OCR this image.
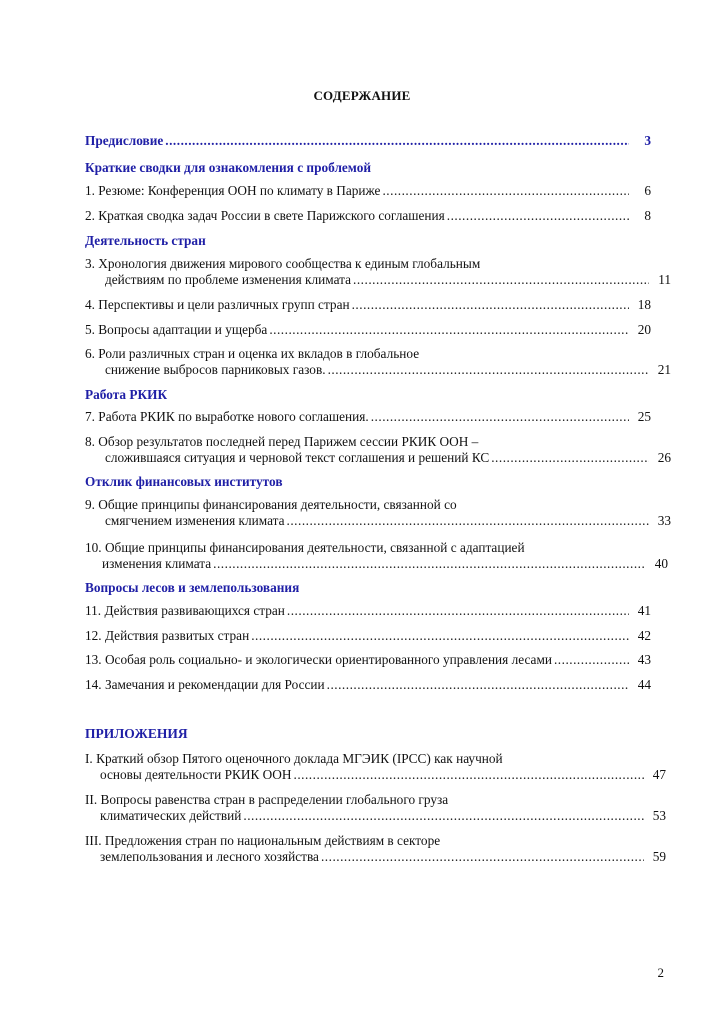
СОДЕРЖАНИЕ
Предисловие .....	3
Краткие сводки для ознакомления с проблемой
1. Резюме: Конференция ООН по климату в Париже .....	6
2. Краткая сводка задач России в свете Парижского соглашения .....	8
Деятельность стран
3. Хронология движения мирового сообщества к единым глобальным
действиям по проблеме изменения климата .....	11
4. Перспективы и цели различных групп стран .....	18
5. Вопросы адаптации и ущерба .....	20
6. Роли различных стран и оценка их вкладов в глобальное
снижение выбросов парниковых газов. .....	21
Работа РКИК
7. Работа РКИК по выработке нового соглашения. .....	25
8. Обзор результатов последней перед Парижем сессии РКИК ООН –
сложившаяся ситуация и черновой текст соглашения и решений КС .....	26
Отклик финансовых институтов
9. Общие принципы финансирования деятельности, связанной со
смягчением изменения климата .....	33
10. Общие принципы финансирования деятельности, связанной с адаптацией
изменения климата .....	40
Вопросы лесов и землепользования
11. Действия развивающихся стран .....	41
12. Действия развитых стран .....	42
13. Особая роль социально- и экологически ориентированного управления лесами .....	43
14. Замечания и рекомендации для России .....	44
ПРИЛОЖЕНИЯ
I. Краткий обзор Пятого оценочного доклада МГЭИК (IPCC) как научной
основы деятельности РКИК ООН .....	47
II. Вопросы равенства стран в распределении глобального груза
климатических действий .....	53
III. Предложения стран по национальным действиям в секторе
землепользования и лесного хозяйства .....	59
2
